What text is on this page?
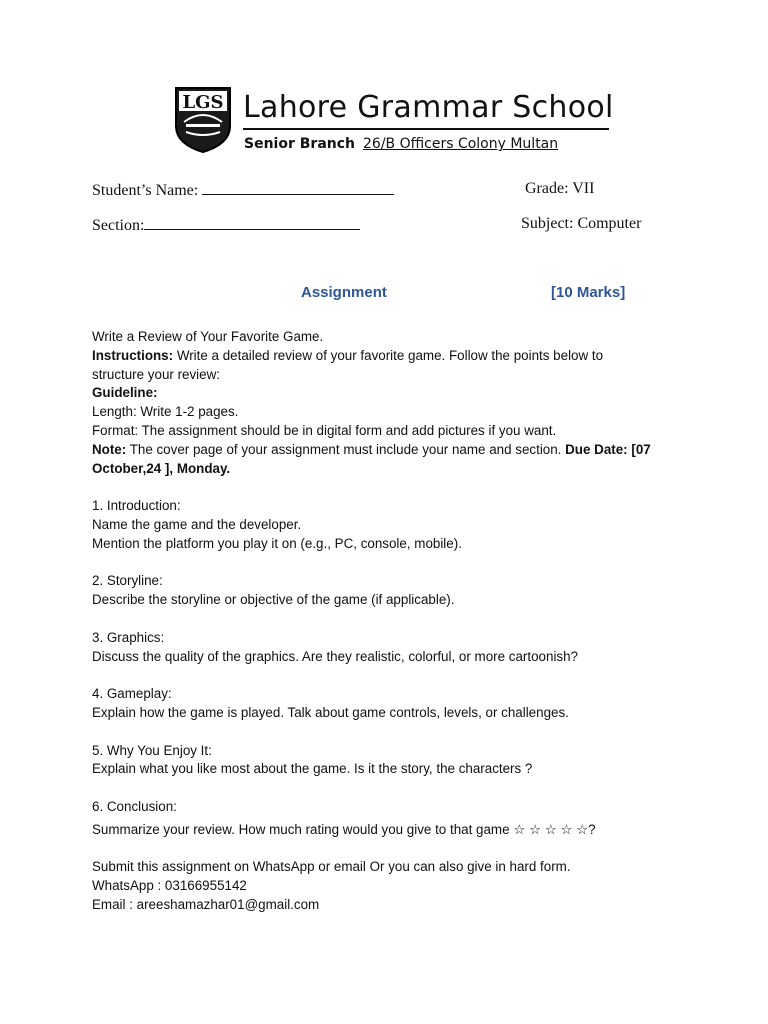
LGS Lahore Grammar School
Senior Branch 26/B Officers Colony Multan
Student’s Name:	Grade: VII
Section:	Subject: Computer
Assignment	[10 Marks]

Write a Review of Your Favorite Game.

Instructions: Write a detailed review of your favorite game. Follow the points below to structure your review:

Guideline:

Length: Write 1-2 pages.

Format: The assignment should be in digital form and add pictures if you want.

Note: The cover page of your assignment must include your name and section. Due Date: [07 October,24 ], Monday.

1. Introduction:

Name the game and the developer.

Mention the platform you play it on (e.g., PC, console, mobile).

2. Storyline:

Describe the storyline or objective of the game (if applicable).

3. Graphics:

Discuss the quality of the graphics. Are they realistic, colorful, or more cartoonish?

4. Gameplay:

Explain how the game is played. Talk about game controls, levels, or challenges.

5. Why You Enjoy It:

Explain what you like most about the game. Is it the story, the characters ?

6. Conclusion:

Summarize your review. How much rating would you give to that game ☆ ☆ ☆ ☆ ☆?

Submit this assignment on WhatsApp or email Or you can also give in hard form.

WhatsApp : 03166955142

Email : areeshamazhar01@gmail.com
